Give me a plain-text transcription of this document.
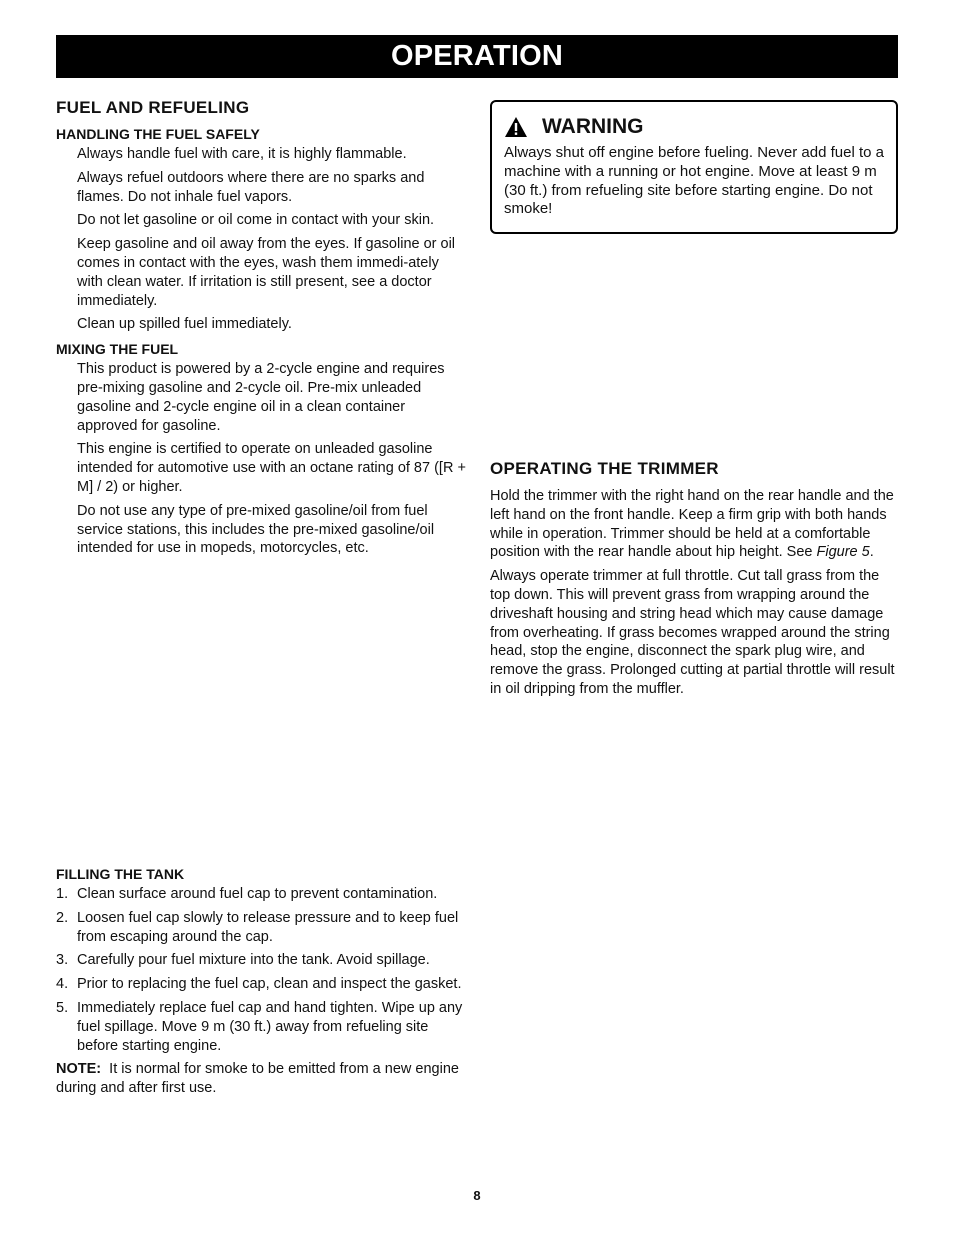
OPERATION
FUEL AND REFUELING
HANDLING THE FUEL SAFELY

Always handle fuel with care, it is highly flammable.

Always refuel outdoors where there are no sparks and flames. Do not inhale fuel vapors.

Do not let gasoline or oil come in contact with your skin.

Keep gasoline and oil away from the eyes. If gasoline or oil comes in contact with the eyes, wash them immedi-ately with clean water. If irritation is still present, see a doctor immediately.

Clean up spilled fuel immediately.

MIXING THE FUEL

This product is powered by a 2-cycle engine and requires pre-mixing gasoline and 2-cycle oil. Pre-mix unleaded gasoline and 2-cycle engine oil in a clean container approved for gasoline.

This engine is certified to operate on unleaded gasoline intended for automotive use with an octane rating of 87 ([R + M] / 2) or higher.

Do not use any type of pre-mixed gasoline/oil from fuel service stations, this includes the pre-mixed gasoline/oil intended for use in mopeds, motorcycles, etc.

FILLING THE TANK
1. Clean surface around fuel cap to prevent contamination.
2. Loosen fuel cap slowly to release pressure and to keep fuel from escaping around the cap.
3. Carefully pour fuel mixture into the tank. Avoid spillage.
4. Prior to replacing the fuel cap, clean and inspect the gasket.
5. Immediately replace fuel cap and hand tighten. Wipe up any fuel spillage. Move 9 m (30 ft.) away from refueling site before starting engine.

NOTE: It is normal for smoke to be emitted from a new engine during and after first use.

WARNING
Always shut off engine before fueling. Never add fuel to a machine with a running or hot engine. Move at least 9 m (30 ft.) from refueling site before starting engine. Do not smoke!
OPERATING THE TRIMMER

Hold the trimmer with the right hand on the rear handle and the left hand on the front handle. Keep a firm grip with both hands while in operation. Trimmer should be held at a comfortable position with the rear handle about hip height. See Figure 5.

Always operate trimmer at full throttle. Cut tall grass from the top down. This will prevent grass from wrapping around the driveshaft housing and string head which may cause damage from overheating. If grass becomes wrapped around the string head, stop the engine, disconnect the spark plug wire, and remove the grass. Prolonged cutting at partial throttle will result in oil dripping from the muffler.

8
